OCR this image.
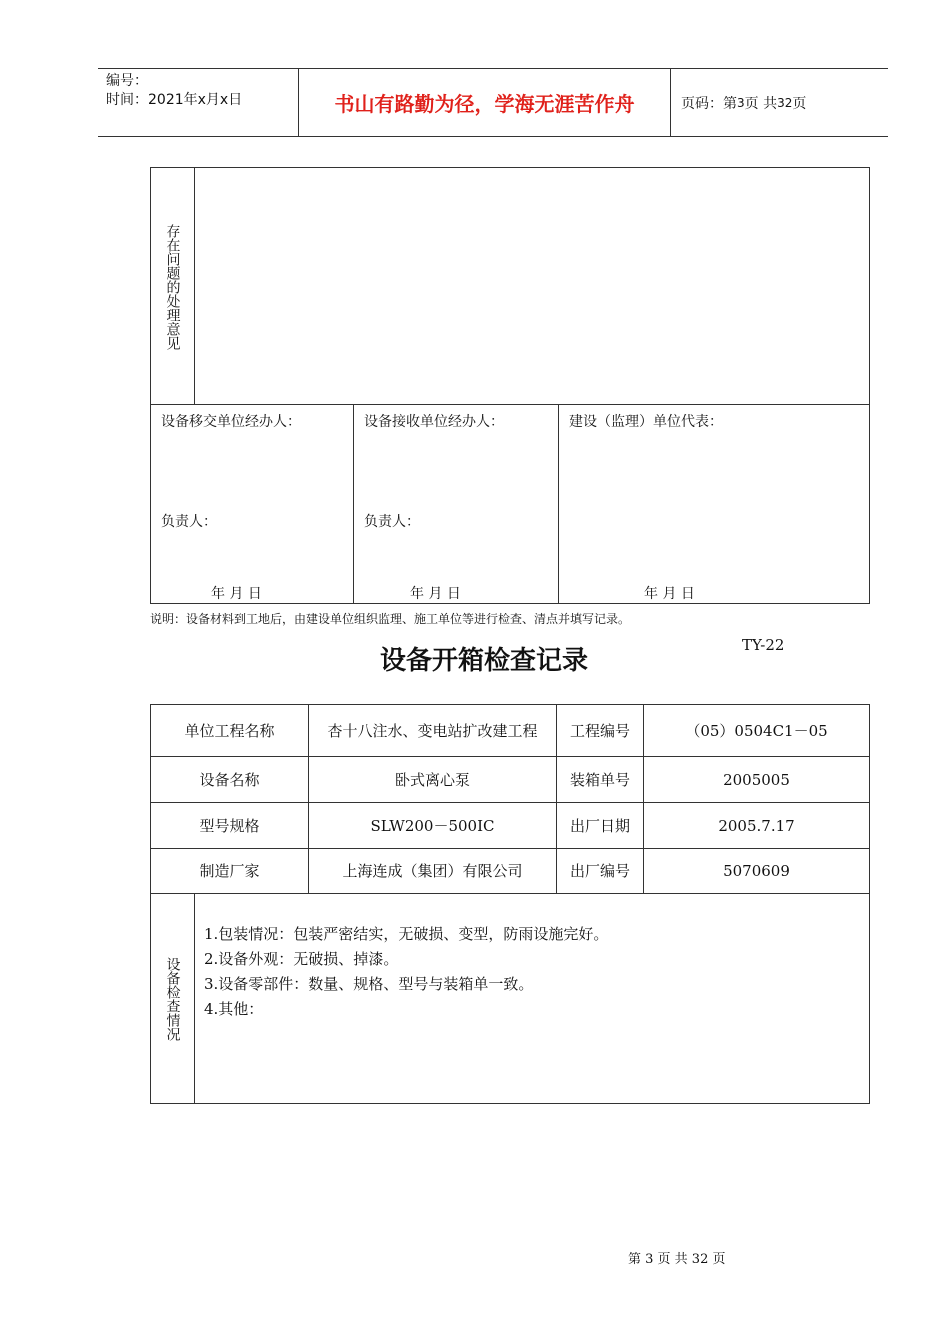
编号：
时间：2021年x月x日	书山有路勤为径，学海无涯苦作舟	页码：第 3 页 共 32 页
存在问题的处理意见
设备移交单位经办人：
负责人：
年 月 日
设备接收单位经办人：
负责人：
年 月 日
建设（监理）单位代表：
年 月 日
说明：设备材料到工地后，由建设单位组织监理、施工单位等进行检查、清点并填写记录。
设备开箱检查记录
TY-22
单位工程名称	杏十八注水、变电站扩改建工程	工程编号	（05）0504C1－05
设备名称	卧式离心泵	装箱单号	2005005
型号规格	SLW200－500IC	出厂日期	2005.7.17
制造厂家	上海连成（集团）有限公司	出厂编号	5070609
设备检查情况
1.包装情况：包装严密结实，无破损、变型，防雨设施完好。
2.设备外观：无破损、掉漆。
3.设备零部件：数量、规格、型号与装箱单一致。
4.其他：
第 3 页 共 32 页
